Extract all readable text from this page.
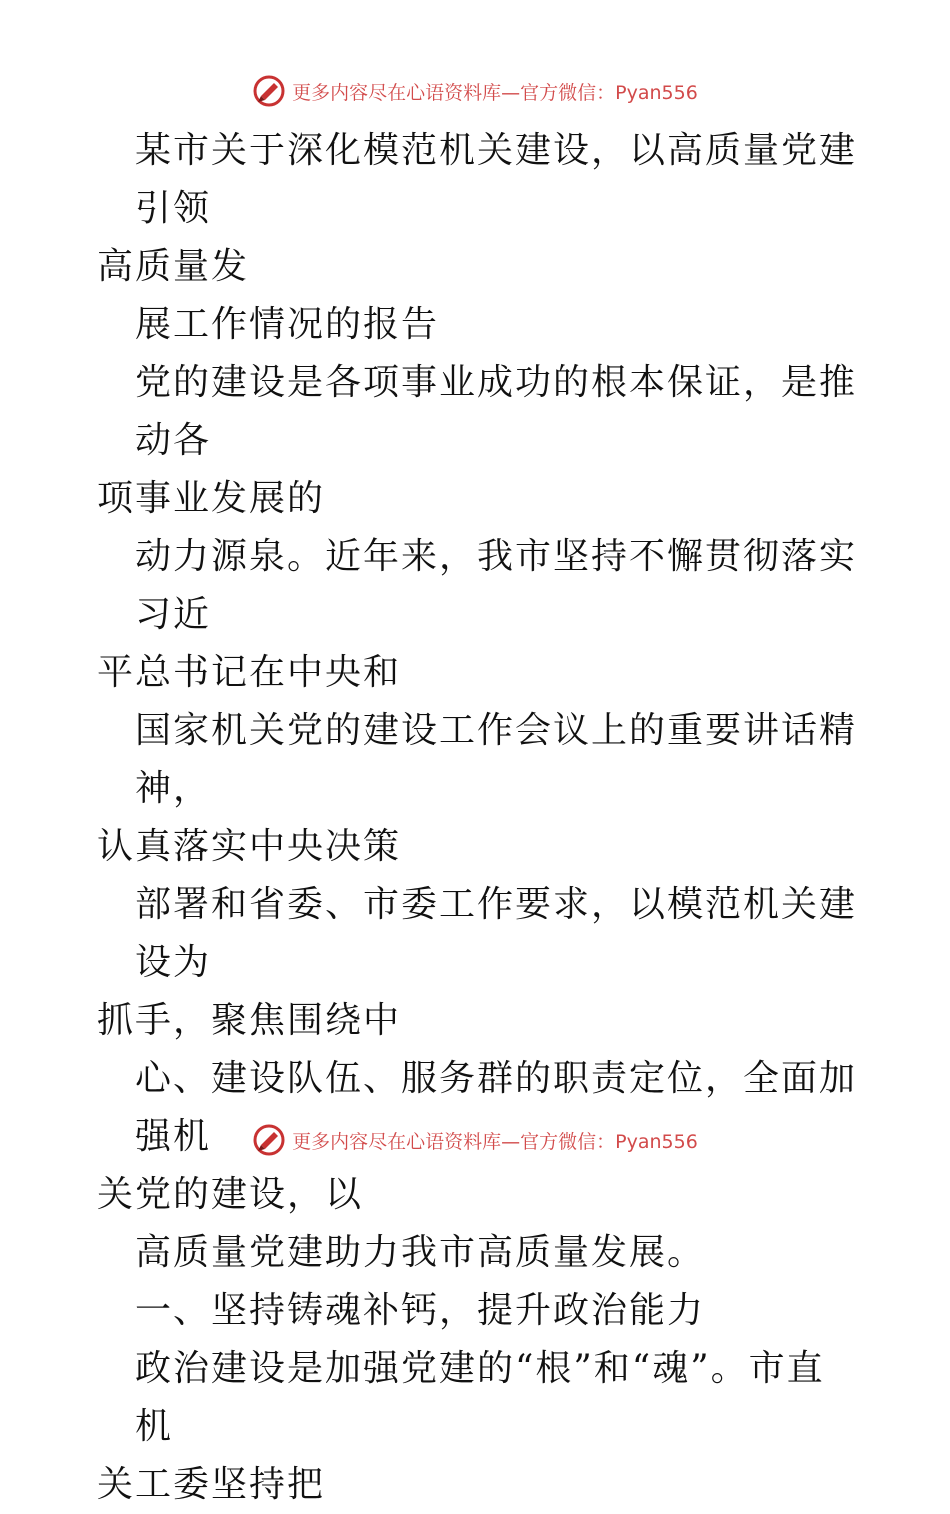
更多内容尽在心语资料库—官方微信：Pyan556

某市关于深化模范机关建设，以高质量党建引领
高质量发
展工作情况的报告
党的建设是各项事业成功的根本保证，是推动各
项事业发展的
动力源泉。近年来，我市坚持不懈贯彻落实习近
平总书记在中央和
国家机关党的建设工作会议上的重要讲话精神，
认真落实中央决策
部署和省委、市委工作要求，以模范机关建设为
抓手，聚焦围绕中
心、建设队伍、服务群的职责定位，全面加强机
关党的建设，以
高质量党建助力我市高质量发展。
一、坚持铸魂补钙，提升政治能力
政治建设是加强党建的“根”和“魂”。市直机
关工委坚持把

更多内容尽在心语资料库—官方微信：Pyan556
